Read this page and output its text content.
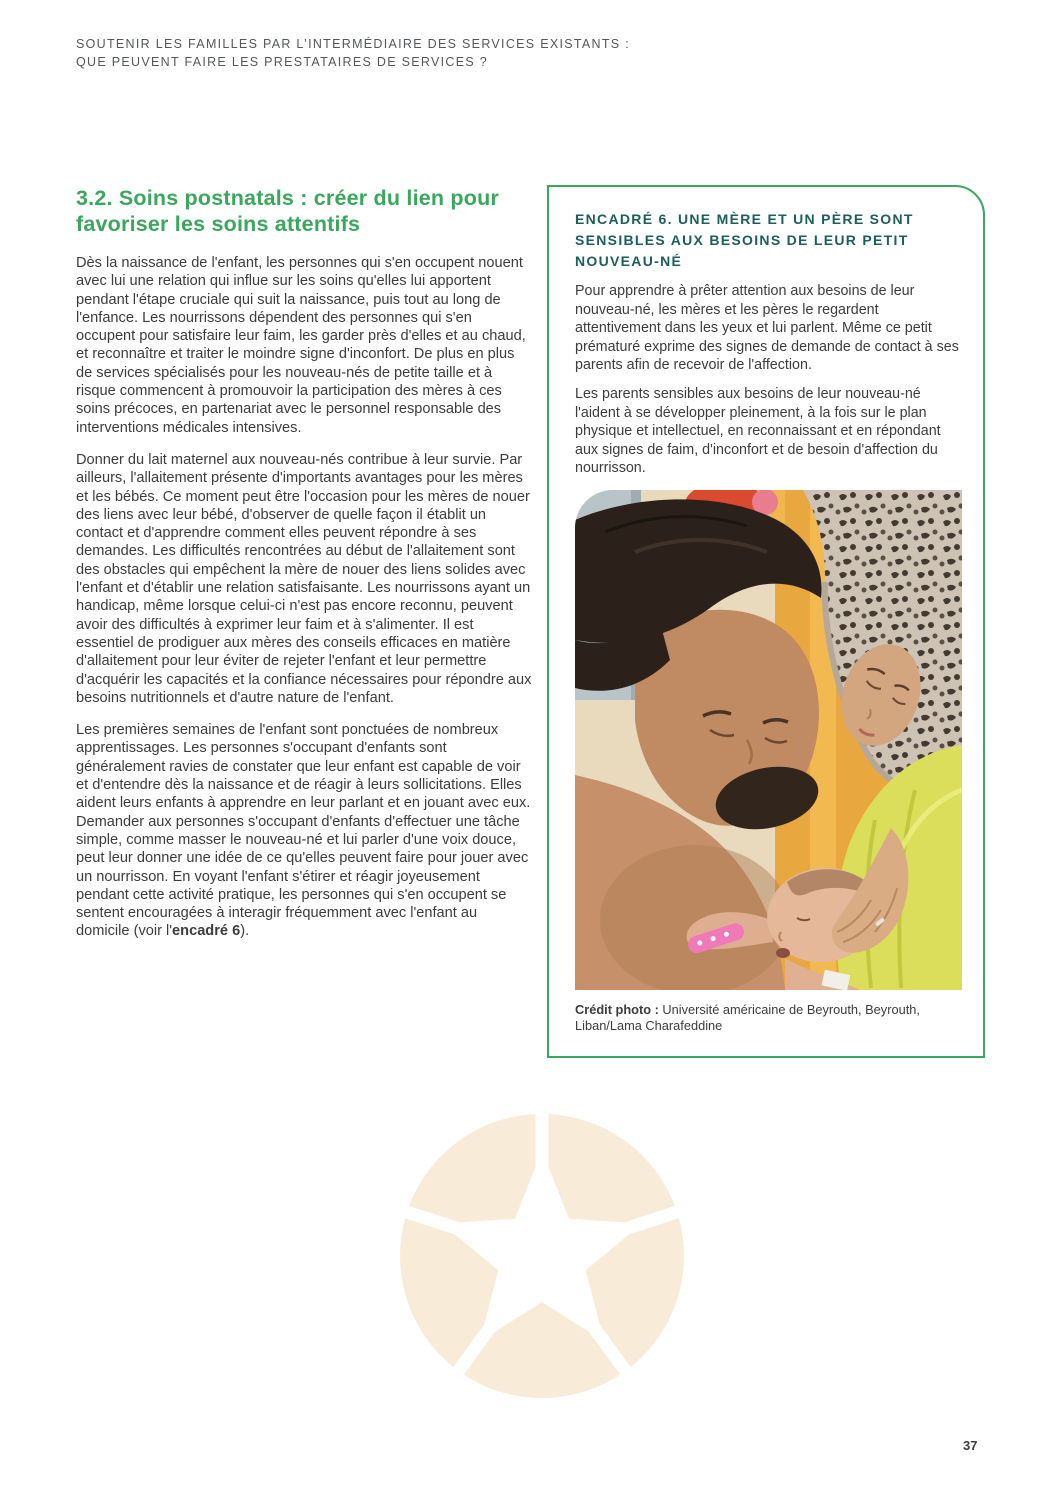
SOUTENIR LES FAMILLES PAR L’INTERMÉDIAIRE DES SERVICES EXISTANTS :
QUE PEUVENT FAIRE LES PRESTATAIRES DE SERVICES ?
3.2. Soins postnatals : créer du lien pour favoriser les soins attentifs

Dès la naissance de l'enfant, les personnes qui s'en occupent nouent avec lui une relation qui influe sur les soins qu'elles lui apportent pendant l'étape cruciale qui suit la naissance, puis tout au long de l'enfance. Les nourrissons dépendent des personnes qui s'en occupent pour satisfaire leur faim, les garder près d'elles et au chaud, et reconnaître et traiter le moindre signe d'inconfort. De plus en plus de services spécialisés pour les nouveau-nés de petite taille et à risque commencent à promouvoir la participation des mères à ces soins précoces, en partenariat avec le personnel responsable des interventions médicales intensives.

Donner du lait maternel aux nouveau-nés contribue à leur survie. Par ailleurs, l'allaitement présente d'importants avantages pour les mères et les bébés. Ce moment peut être l'occasion pour les mères de nouer des liens avec leur bébé, d'observer de quelle façon il établit un contact et d'apprendre comment elles peuvent répondre à ses demandes. Les difficultés rencontrées au début de l'allaitement sont des obstacles qui empêchent la mère de nouer des liens solides avec l'enfant et d'établir une relation satisfaisante. Les nourrissons ayant un handicap, même lorsque celui-ci n'est pas encore reconnu, peuvent avoir des difficultés à exprimer leur faim et à s'alimenter. Il est essentiel de prodiguer aux mères des conseils efficaces en matière d'allaitement pour leur éviter de rejeter l'enfant et leur permettre d'acquérir les capacités et la confiance nécessaires pour répondre aux besoins nutritionnels et d'autre nature de l'enfant.

Les premières semaines de l'enfant sont ponctuées de nombreux apprentissages. Les personnes s'occupant d'enfants sont généralement ravies de constater que leur enfant est capable de voir et d'entendre dès la naissance et de réagir à leurs sollicitations. Elles aident leurs enfants à apprendre en leur parlant et en jouant avec eux. Demander aux personnes s'occupant d'enfants d'effectuer une tâche simple, comme masser le nouveau-né et lui parler d'une voix douce, peut leur donner une idée de ce qu'elles peuvent faire pour jouer avec un nourrisson. En voyant l'enfant s'étirer et réagir joyeusement pendant cette activité pratique, les personnes qui s'en occupent se sentent encouragées à interagir fréquemment avec l'enfant au domicile (voir l'encadré 6).

ENCADRÉ 6. UNE MÈRE ET UN PÈRE SONT SENSIBLES AUX BESOINS DE LEUR PETIT NOUVEAU-NÉ

Pour apprendre à prêter attention aux besoins de leur nouveau-né, les mères et les pères le regardent attentivement dans les yeux et lui parlent. Même ce petit prématuré exprime des signes de demande de contact à ses parents afin de recevoir de l'affection.

Les parents sensibles aux besoins de leur nouveau-né l'aident à se développer pleinement, à la fois sur le plan physique et intellectuel, en reconnaissant et en répondant aux signes de faim, d'inconfort et de besoin d'affection du nourrisson.

Crédit photo : Université américaine de Beyrouth, Beyrouth, Liban/Lama Charafeddine

37
